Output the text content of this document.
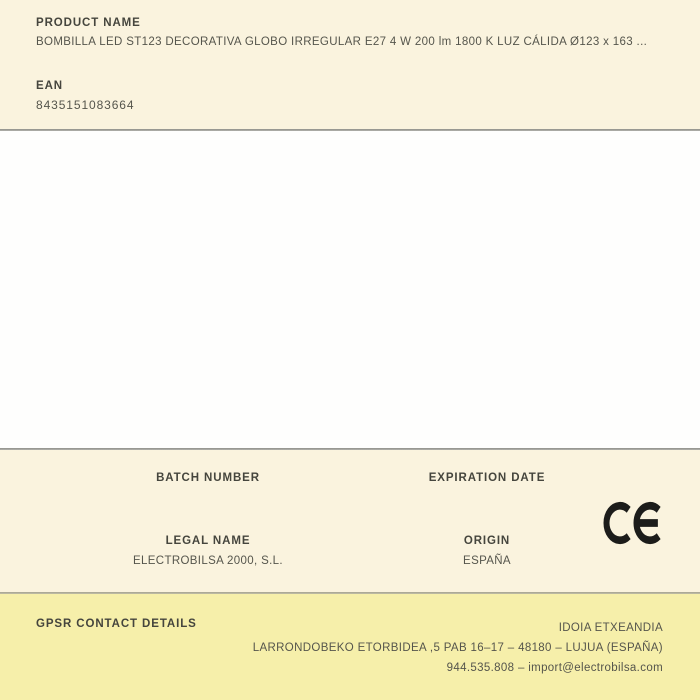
PRODUCT NAME
BOMBILLA LED ST123 DECORATIVA GLOBO IRREGULAR E27 4 W 200 lm 1800 K LUZ CÁLIDA Ø123 x 163 ...
EAN
8435151083664
BATCH NUMBER
LEGAL NAME
ELECTROBILSA 2000, S.L.
EXPIRATION DATE
ORIGIN
ESPAÑA
GPSR CONTACT DETAILS	IDOIA ETXEANDIA
LARRONDOBEKO ETORBIDEA ,5 PAB 16–17 – 48180 – LUJUA (ESPAÑA)
944.535.808 – import@electrobilsa.com
